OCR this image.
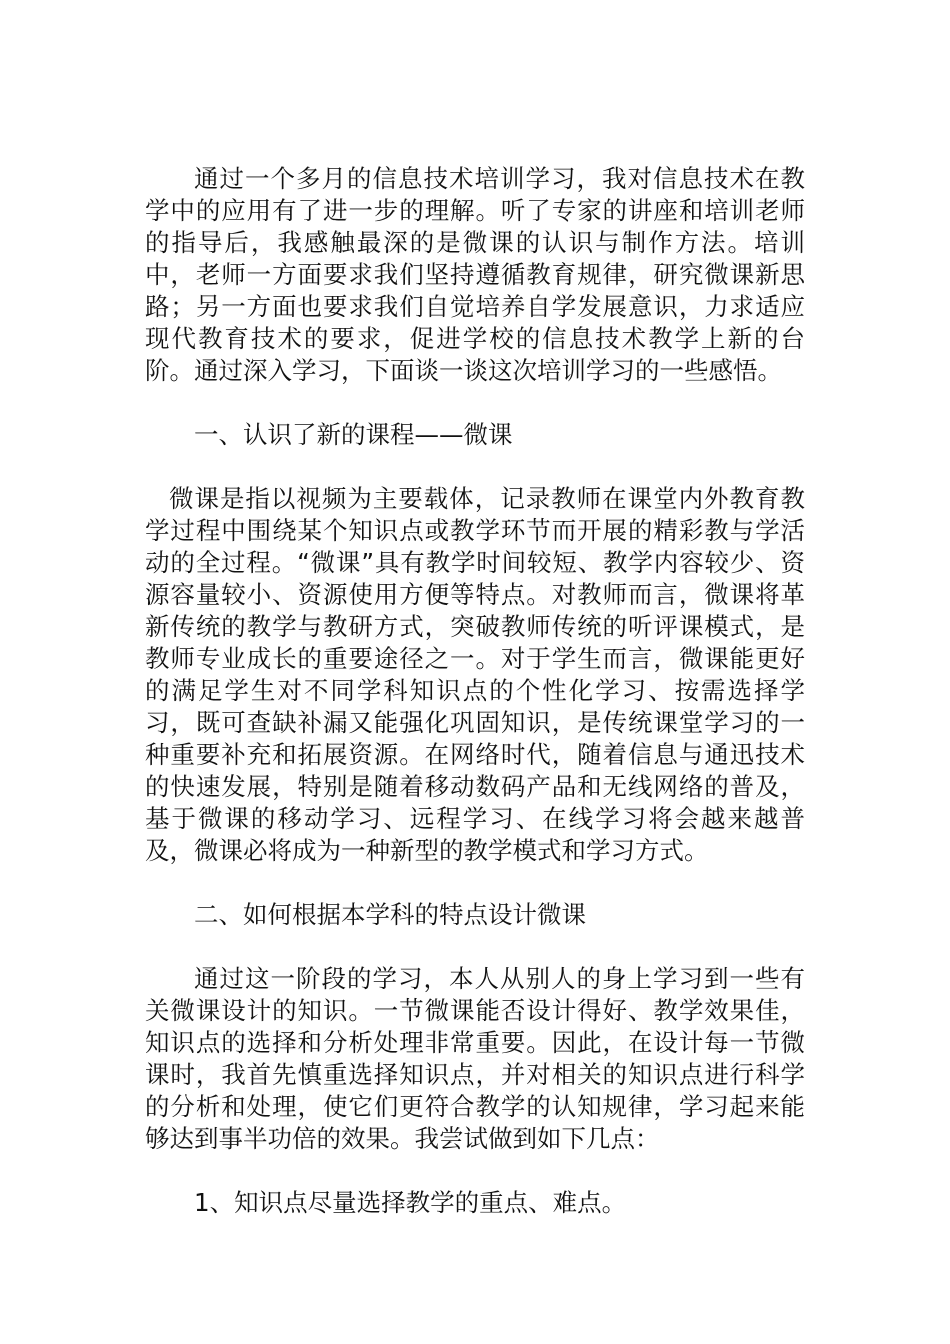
通过一个多月的信息技术培训学习，我对信息技术在教学中的应用有了进一步的理解。听了专家的讲座和培训老师的指导后，我感触最深的是微课的认识与制作方法。培训中，老师一方面要求我们坚持遵循教育规律，研究微课新思路；另一方面也要求我们自觉培养自学发展意识，力求适应现代教育技术的要求，促进学校的信息技术教学上新的台阶。通过深入学习，下面谈一谈这次培训学习的一些感悟。

一、认识了新的课程——微课

微课是指以视频为主要载体，记录教师在课堂内外教育教学过程中围绕某个知识点或教学环节而开展的精彩教与学活动的全过程。“微课”具有教学时间较短、教学内容较少、资源容量较小、资源使用方便等特点。对教师而言，微课将革新传统的教学与教研方式，突破教师传统的听评课模式，是教师专业成长的重要途径之一。对于学生而言，微课能更好的满足学生对不同学科知识点的个性化学习、按需选择学习，既可查缺补漏又能强化巩固知识，是传统课堂学习的一种重要补充和拓展资源。在网络时代，随着信息与通迅技术的快速发展，特别是随着移动数码产品和无线网络的普及，基于微课的移动学习、远程学习、在线学习将会越来越普及，微课必将成为一种新型的教学模式和学习方式。

二、如何根据本学科的特点设计微课

通过这一阶段的学习，本人从别人的身上学习到一些有关微课设计的知识。一节微课能否设计得好、教学效果佳，知识点的选择和分析处理非常重要。因此，在设计每一节微课时，我首先慎重选择知识点，并对相关的知识点进行科学的分析和处理，使它们更符合教学的认知规律，学习起来能够达到事半功倍的效果。我尝试做到如下几点：

1、知识点尽量选择教学的重点、难点。
